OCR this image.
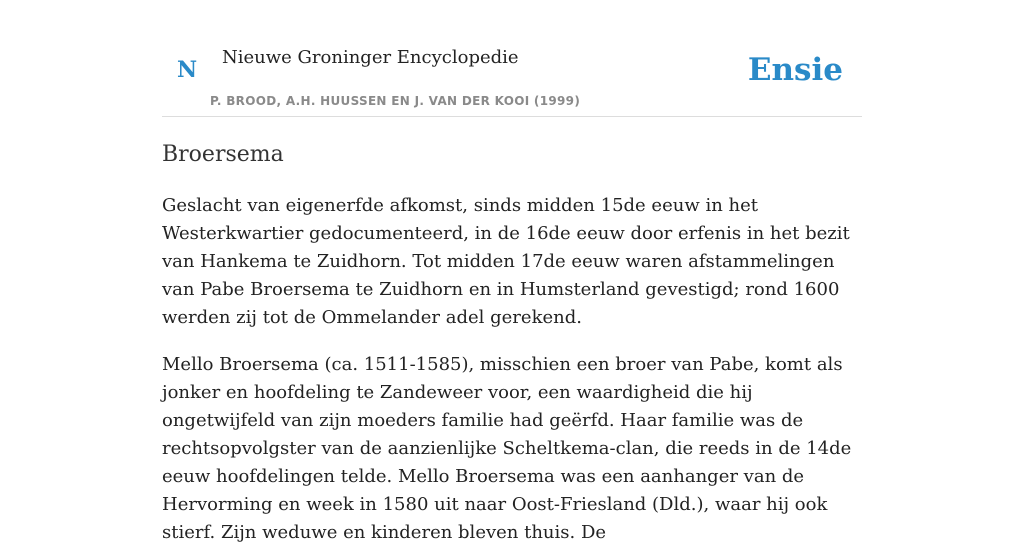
N Nieuwe Groninger Encyclopedie
P. BROOD, A.H. HUUSSEN EN J. VAN DER KOOI (1999)
Ensie
Broersema

Geslacht van eigenerfde afkomst, sinds midden 15de eeuw in het Westerkwartier gedocumenteerd, in de 16de eeuw door erfenis in het bezit van Hankema te Zuidhorn. Tot midden 17de eeuw waren afstammelingen van Pabe Broersema te Zuidhorn en in Humsterland gevestigd; rond 1600 werden zij tot de Ommelander adel gerekend.

Mello Broersema (ca. 1511-1585), misschien een broer van Pabe, komt als jonker en hoofdeling te Zandeweer voor, een waardigheid die hij ongetwijfeld van zijn moeders familie had geërfd. Haar familie was de rechtsopvolgster van de aanzienlijke Scheltkema-clan, die reeds in de 14de eeuw hoofdelingen telde. Mello Broersema was een aanhanger van de Hervorming en week in 1580 uit naar Oost-Friesland (Dld.), waar hij ook stierf. Zijn weduwe en kinderen bleven thuis. De
